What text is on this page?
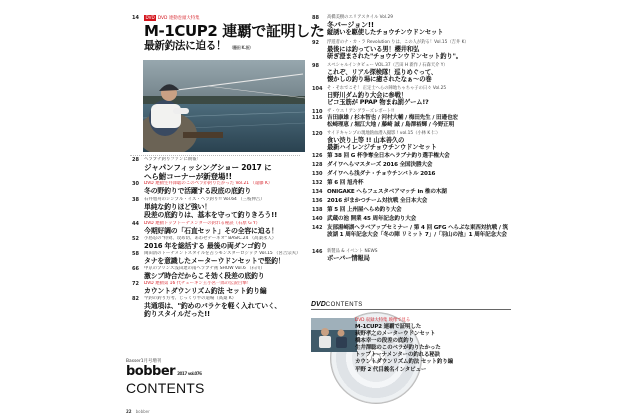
14	DVD DVD 連動巻頭大特集
M-1CUP2 連覇で証明した
最新釣法に迫る！ （藤田 K.祝）
28 ヘラブナ釣りファンに朗報！
ジャパンフィッシングショー 2017 に
へら鮒コーナーが新登場!!
30 DVD 連動生井澤聡のこのベラが釣りたかった Vol.21 （遠藤 K）
冬の野釣りで活躍する段底の底釣り
38 石井旭舟のシンプル・イズ・ヘラ釣り!! Vol.64 （三枝伸吉）
単純な釣りほど強い！
段差の底釣りは、基本を守って釣りきろう!!
44 DVD 連動トップトーナメンターの釣れる秘訣（石原 G Y）
今期好調の「石直セット」その全容に迫る！
52 小島忍の"特効、攻め切、あわせテーネオ" BASIC.24 （高桑永人）
2016 年を総括する 最後の両ダンゴ釣り
58 岡田清のトーナメントスタイルを占うモンスターロジック Vol.15 （宮吉宗夫）
タナを意識したメーターウドンセットで堅釣！
66 中京のプリンス浅田達の南ヘラブナ術 SHOW Vol.6 （石川）
激シブ時合だからこそ効く段差の底釣り
72 DVD 連動第 16 代チューギン王小宮一郎の伝説目撃！
カウントダウンリズム釣法 セット釣り編
82 竿釣の釣り方考、じっくり竿の道場（高桑 K）
共通項は、"釣めのバラケを軽く入れていく、
釣りスタイルだった!!
Basser1月号増刊
bobber 2017 vol.076
CONTENTS
88 高橋美樹のエリアスタイル Vol.29
冬バージョン!!
縦誘いを駆使したチョウチンウドンセット
92 浮遊者のナ・カ・ラ Revolution りは、この人が釣る！Vol.15（吉井 K）
最後には釣っている男！櫻井和弘
研ぎ澄まされた"チョウチンウドンセット釣り"。
98 スペシャルインタビュー VOL.37（吉田 H 新作 / 石森天介 Y）
これぞ、リアル探検隊！巡りめぐって、
懐かしの釣り場に癒されたなぁ～の巻
104 そ・それでこそ！ 正定士ヘらの陣地ちゃちゃ子の日々 Vol.25
日野川ダム釣り大会に参戦！
ピコ玉筋が PPAP 物まね罰ゲーム!?
110 ザ・ウエ ! アングラーズレポート!!
116 吉田康雄 / 杉本智也 / 河村大輔 / 梅田先生 / 田邉也宏
松崎理恵 / 堀江大地 / 藤崎 誠 / 島澤裕輝 / 今野正明
120 サイドキャンプの現地熱血潜入撮影 ! vol.15（小林 K 仁）
食い渋り上等 !! 山本善久の
最新ハイレンジチョウチンウドンセット
126 第 38 回 G 杯争奪全日本ヘラブナ釣り選手権大会
128 ダイワへらマスターズ 2016 全国決勝大会
130 ダイワへら浅ダナ・チョウチンバトル 2016
132 第 6 回 旭舟杯
134 ONIGAKE へらフェスタベアマッチ in 椎の木湖
136 2016 がまかつチーム対抗戦 全日本大会
138 第 5 回 上州屋へらめ釣り大会
140 武蔵の池 開業 45 周年記念釣り大会
142 友部湯崎湖ヘラベアップセミナー / 第 4 回 GFG へらぶな東西対抗戦 / 筑波湖 1 周年記念大会「冬の陣 リミット 7」/「羽山の池」1 周年記念大会
146 新製品 & イベント NEWS
ボーバー情報局
DVDCONTENTS
DVD 収録大特集 映像で見る
M-1CUP2 連覇で証明した
萩野孝之のメーターウドンセット
橋本幸一の段差の底釣り
生井澤聡のこのベラが釣りたかった
トップトーナメンターの釣れる秘訣
カウントダウンリズム釣法 セット釣り編
平野 2 代目義名インタビュー
22 bobber
